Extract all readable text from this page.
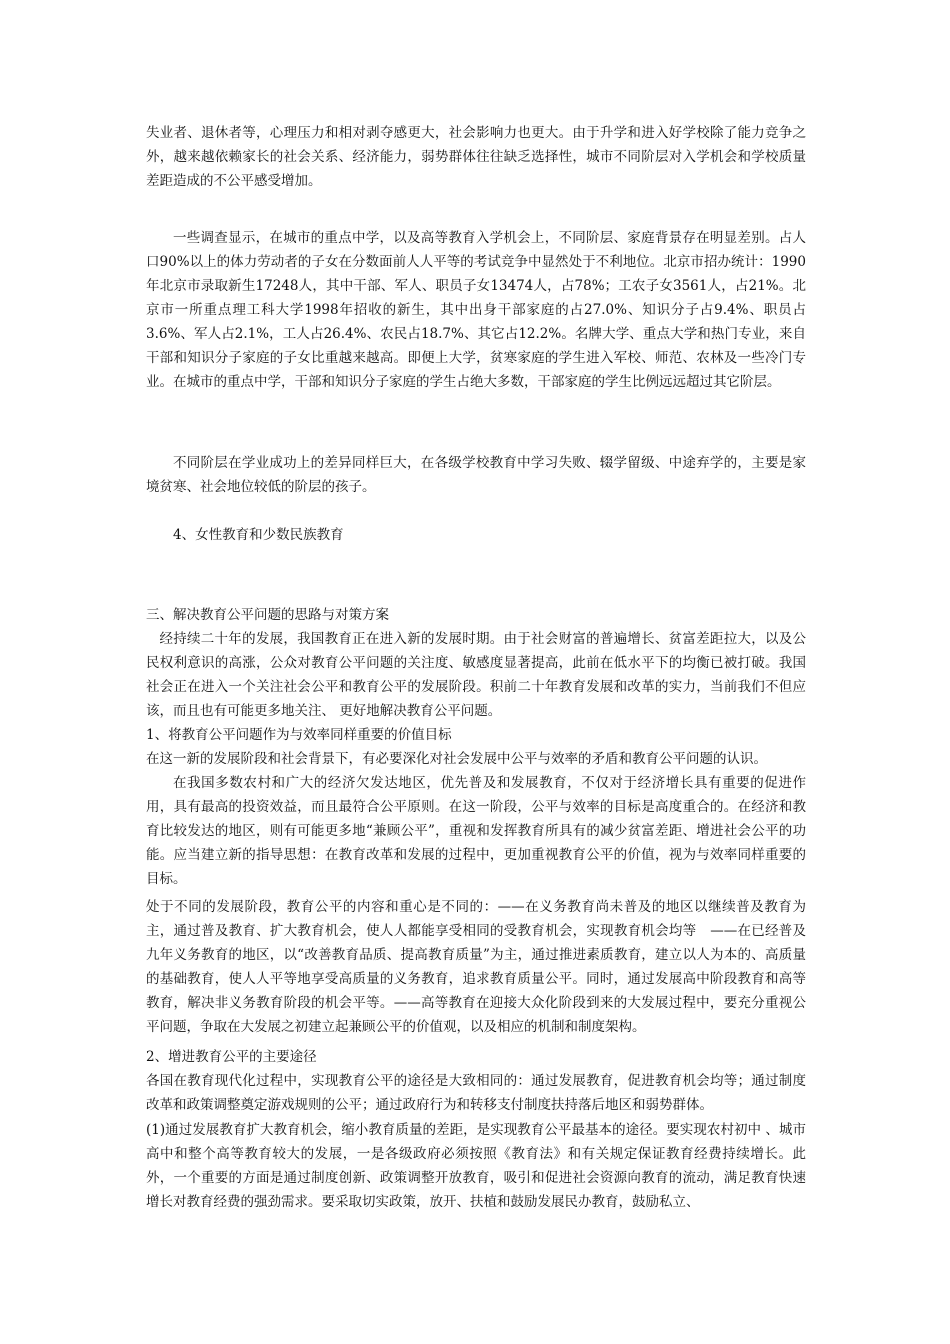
失业者、退休者等，心理压力和相对剥夺感更大，社会影响力也更大。由于升学和进入好学校除了能力竞争之外，越来越依赖家长的社会关系、经济能力，弱势群体往往缺乏选择性，城市不同阶层对入学机会和学校质量差距造成的不公平感受增加。

一些调查显示，在城市的重点中学，以及高等教育入学机会上，不同阶层、家庭背景存在明显差别。占人口90%以上的体力劳动者的子女在分数面前人人平等的考试竞争中显然处于不利地位。北京市招办统计：1990年北京市录取新生17248人，其中干部、军人、职员子女13474人，占78%；工农子女3561人，占21%。北京市一所重点理工科大学1998年招收的新生，其中出身干部家庭的占27.0%、知识分子占9.4%、职员占3.6%、军人占2.1%，工人占26.4%、农民占18.7%、其它占12.2%。名牌大学、重点大学和热门专业，来自干部和知识分子家庭的子女比重越来越高。即便上大学，贫寒家庭的学生进入军校、师范、农林及一些冷门专业。在城市的重点中学，干部和知识分子家庭的学生占绝大多数，干部家庭的学生比例远远超过其它阶层。

不同阶层在学业成功上的差异同样巨大，在各级学校教育中学习失败、辍学留级、中途弃学的，主要是家境贫寒、社会地位较低的阶层的孩子。

4、女性教育和少数民族教育

三、解决教育公平问题的思路与对策方案

经持续二十年的发展，我国教育正在进入新的发展时期。由于社会财富的普遍增长、贫富差距拉大，以及公民权利意识的高涨，公众对教育公平问题的关注度、敏感度显著提高，此前在低水平下的均衡已被打破。我国社会正在进入一个关注社会公平和教育公平的发展阶段。积前二十年教育发展和改革的实力，当前我们不但应该，而且也有可能更多地关注、 更好地解决教育公平问题。

1、将教育公平问题作为与效率同样重要的价值目标

在这一新的发展阶段和社会背景下，有必要深化对社会发展中公平与效率的矛盾和教育公平问题的认识。

在我国多数农村和广大的经济欠发达地区，优先普及和发展教育，不仅对于经济增长具有重要的促进作用，具有最高的投资效益，而且最符合公平原则。在这一阶段，公平与效率的目标是高度重合的。在经济和教育比较发达的地区，则有可能更多地“兼顾公平”，重视和发挥教育所具有的减少贫富差距、增进社会公平的功能。应当建立新的指导思想：在教育改革和发展的过程中，更加重视教育公平的价值，视为与效率同样重要的目标。

处于不同的发展阶段，教育公平的内容和重心是不同的：——在义务教育尚未普及的地区以继续普及教育为主，通过普及教育、扩大教育机会，使人人都能享受相同的受教育机会，实现教育机会均等　——在已经普及九年义务教育的地区，以“改善教育品质、提高教育质量”为主，通过推进素质教育，建立以人为本的、高质量的基础教育，使人人平等地享受高质量的义务教育，追求教育质量公平。同时，通过发展高中阶段教育和高等教育，解决非义务教育阶段的机会平等。——高等教育在迎接大众化阶段到来的大发展过程中，要充分重视公平问题，争取在大发展之初建立起兼顾公平的价值观，以及相应的机制和制度架构。

2、增进教育公平的主要途径

各国在教育现代化过程中，实现教育公平的途径是大致相同的：通过发展教育，促进教育机会均等；通过制度改革和政策调整奠定游戏规则的公平；通过政府行为和转移支付制度扶持落后地区和弱势群体。

(1)通过发展教育扩大教育机会，缩小教育质量的差距，是实现教育公平最基本的途径。要实现农村初中 、城市高中和整个高等教育较大的发展，一是各级政府必须按照《教育法》和有关规定保证教育经费持续增长。此外，一个重要的方面是通过制度创新、政策调整开放教育，吸引和促进社会资源向教育的流动，满足教育快速增长对教育经费的强劲需求。要采取切实政策，放开、扶植和鼓励发展民办教育，鼓励私立、
